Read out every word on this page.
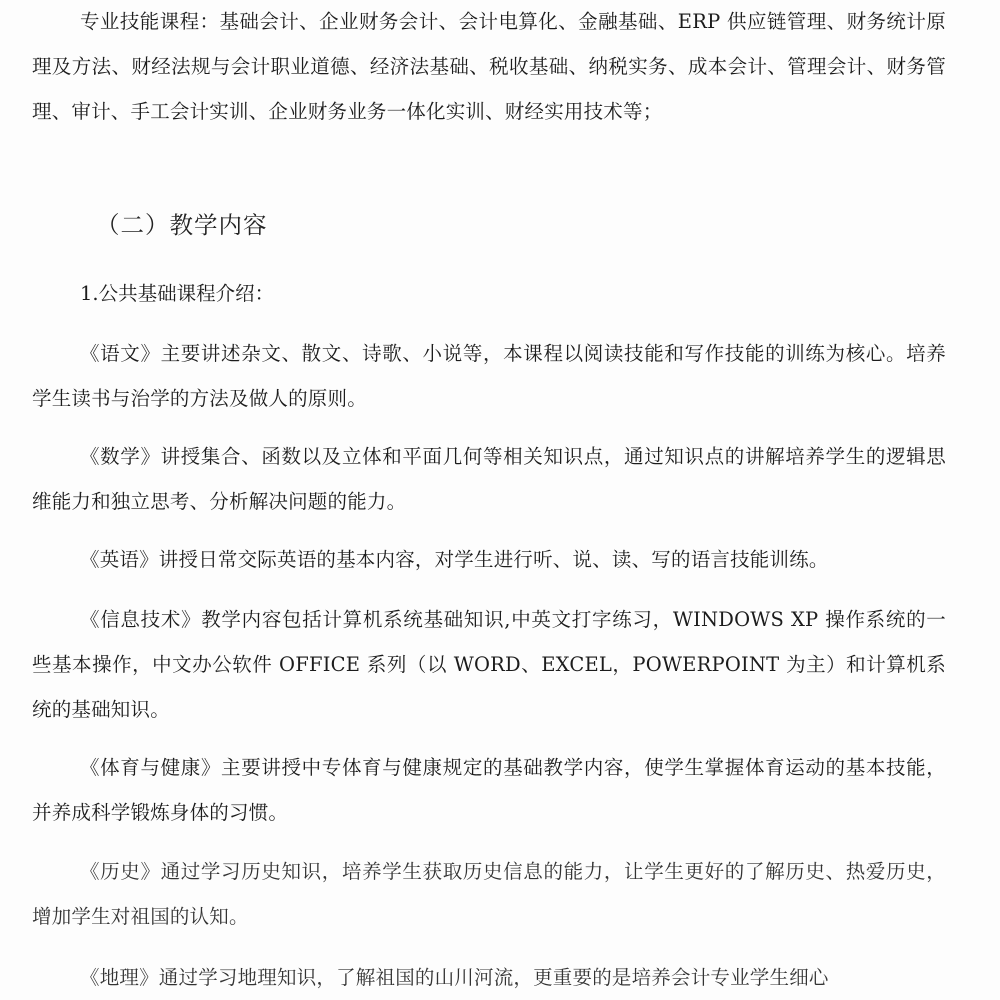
专业技能课程：基础会计、企业财务会计、会计电算化、金融基础、ERP 供应链管理、财务统计原理及方法、财经法规与会计职业道德、经济法基础、税收基础、纳税实务、成本会计、管理会计、财务管理、审计、手工会计实训、企业财务业务一体化实训、财经实用技术等；

（二）教学内容

1.公共基础课程介绍：

《语文》主要讲述杂文、散文、诗歌、小说等，本课程以阅读技能和写作技能的训练为核心。培养学生读书与治学的方法及做人的原则。

《数学》讲授集合、函数以及立体和平面几何等相关知识点，通过知识点的讲解培养学生的逻辑思维能力和独立思考、分析解决问题的能力。

《英语》讲授日常交际英语的基本内容，对学生进行听、说、读、写的语言技能训练。

《信息技术》教学内容包括计算机系统基础知识,中英文打字练习，WINDOWS XP 操作系统的一些基本操作，中文办公软件 OFFICE 系列（以 WORD、EXCEL，POWERPOINT 为主）和计算机系统的基础知识。

《体育与健康》主要讲授中专体育与健康规定的基础教学内容，使学生掌握体育运动的基本技能，并养成科学锻炼身体的习惯。

《历史》通过学习历史知识，培养学生获取历史信息的能力，让学生更好的了解历史、热爱历史，增加学生对祖国的认知。

《地理》通过学习地理知识，了解祖国的山川河流，更重要的是培养会计专业学生细心
